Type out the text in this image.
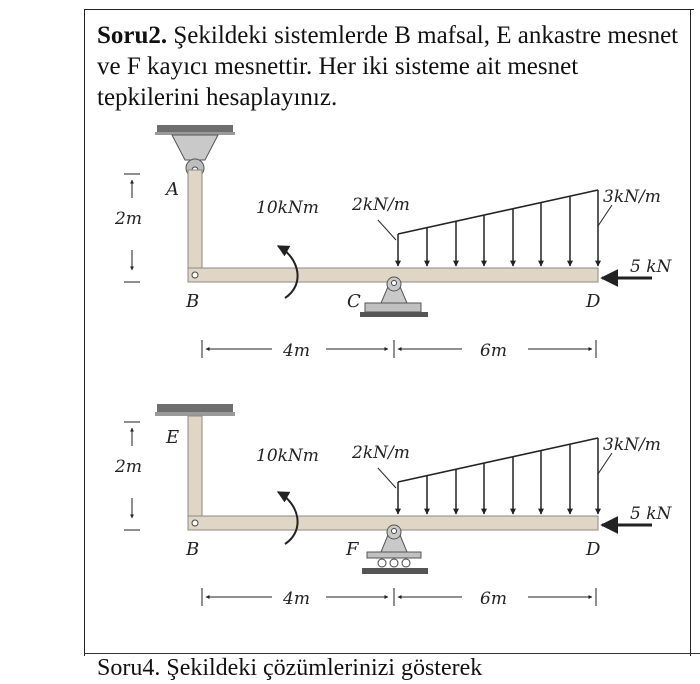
Soru2. Şekildeki sistemlerde B mafsal, E ankastre mesnet ve F kayıcı mesnettir. Her iki sisteme ait mesnet tepkilerini hesaplayınız.
A
B	C	D
2m
10kNm 2kN/m	3kN/m
5 kN
4m	6m
E
B	F	D
2m
10kNm 2kN/m	3kN/m
5 kN
4m	6m
Soru4. Şekildeki çözümlerinizi gösterek
